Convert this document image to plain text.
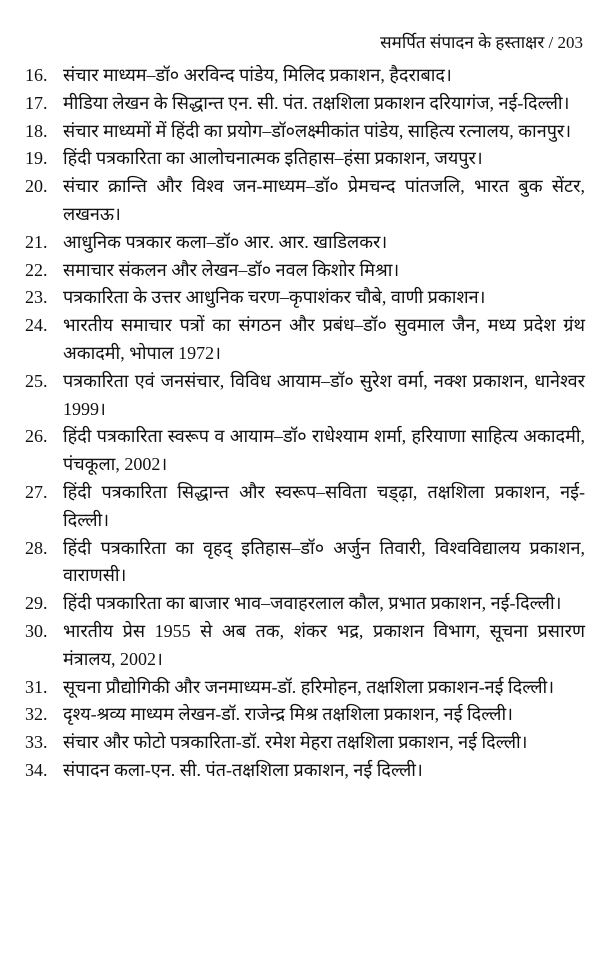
समर्पित संपादन के हस्ताक्षर / 203
16. संचार माध्यम–डॉ० अरविन्द पांडेय, मिलिद प्रकाशन, हैदराबाद।
17. मीडिया लेखन के सिद्धान्त एन. सी. पंत. तक्षशिला प्रकाशन दरियागंज, नई-दिल्ली।
18. संचार माध्यमों में हिंदी का प्रयोग–डॉ०लक्ष्मीकांत पांडेय, साहित्य रत्नालय, कानपुर।
19. हिंदी पत्रकारिता का आलोचनात्मक इतिहास–हंसा प्रकाशन, जयपुर।
20. संचार क्रान्ति और विश्व जन-माध्यम–डॉ० प्रेमचन्द पांतजलि, भारत बुक सेंटर, लखनऊ।
21. आधुनिक पत्रकार कला–डॉ० आर. आर. खाडिलकर।
22. समाचार संकलन और लेखन–डॉ० नवल किशोर मिश्रा।
23. पत्रकारिता के उत्तर आधुनिक चरण–कृपाशंकर चौबे, वाणी प्रकाशन।
24. भारतीय समाचार पत्रों का संगठन और प्रबंध–डॉ० सुवमाल जैन, मध्य प्रदेश ग्रंथ अकादमी, भोपाल 1972।
25. पत्रकारिता एवं जनसंचार, विविध आयाम–डॉ० सुरेश वर्मा, नक्श प्रकाशन, धानेश्वर 1999।
26. हिंदी पत्रकारिता स्वरूप व आयाम–डॉ० राधेश्याम शर्मा, हरियाणा साहित्य अकादमी, पंचकूला, 2002।
27. हिंदी पत्रकारिता सिद्धान्त और स्वरूप–सविता चड्ढ़ा, तक्षशिला प्रकाशन, नई-दिल्ली।
28. हिंदी पत्रकारिता का वृहद् इतिहास–डॉ० अर्जुन तिवारी, विश्वविद्यालय प्रकाशन, वाराणसी।
29. हिंदी पत्रकारिता का बाजार भाव–जवाहरलाल कौल, प्रभात प्रकाशन, नई-दिल्ली।
30. भारतीय प्रेस 1955 से अब तक, शंकर भद्र, प्रकाशन विभाग, सूचना प्रसारण मंत्रालय, 2002।
31. सूचना प्रौद्योगिकी और जनमाध्यम-डॉ. हरिमोहन, तक्षशिला प्रकाशन-नई दिल्ली।
32. दृश्य-श्रव्य माध्यम लेखन-डॉ. राजेन्द्र मिश्र तक्षशिला प्रकाशन, नई दिल्ली।
33. संचार और फोटो पत्रकारिता-डॉ. रमेश मेहरा तक्षशिला प्रकाशन, नई दिल्ली।
34. संपादन कला-एन. सी. पंत-तक्षशिला प्रकाशन, नई दिल्ली।
